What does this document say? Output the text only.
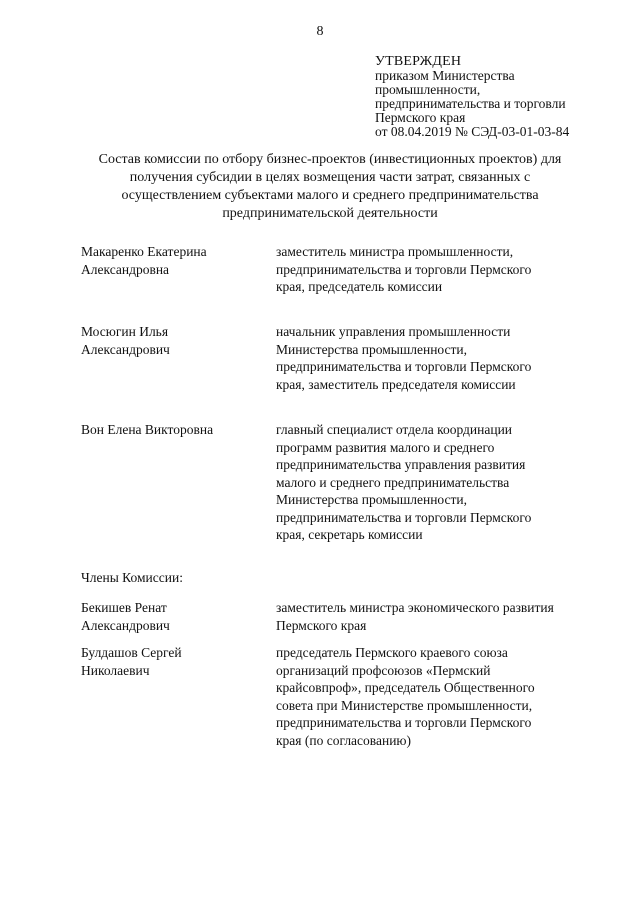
8
УТВЕРЖДЕН
приказом Министерства
промышленности,
предпринимательства и торговли
Пермского края
от 08.04.2019 № СЭД-03-01-03-84
Состав комиссии по отбору бизнес-проектов (инвестиционных проектов) для
получения субсидии в целях возмещения части затрат, связанных с
осуществлением субъектами малого и среднего предпринимательства
предпринимательской деятельности
Макаренко Екатерина
Александровна
заместитель министра промышленности,
предпринимательства и торговли Пермского
края, председатель комиссии
Мосюгин Илья
Александрович
начальник управления промышленности
Министерства промышленности,
предпринимательства и торговли Пермского
края, заместитель председателя комиссии
Вон Елена Викторовна	главный специалист отдела координации
программ развития малого и среднего
предпринимательства управления развития
малого и среднего предпринимательства
Министерства промышленности,
предпринимательства и торговли Пермского
края, секретарь комиссии
Члены Комиссии:
Бекишев Ренат
Александрович
заместитель министра экономического развития
Пермского края
Булдашов Сергей
Николаевич
председатель Пермского краевого союза
организаций профсоюзов «Пермский
крайсовпроф», председатель Общественного
совета при Министерстве промышленности,
предпринимательства и торговли Пермского
края (по согласованию)
